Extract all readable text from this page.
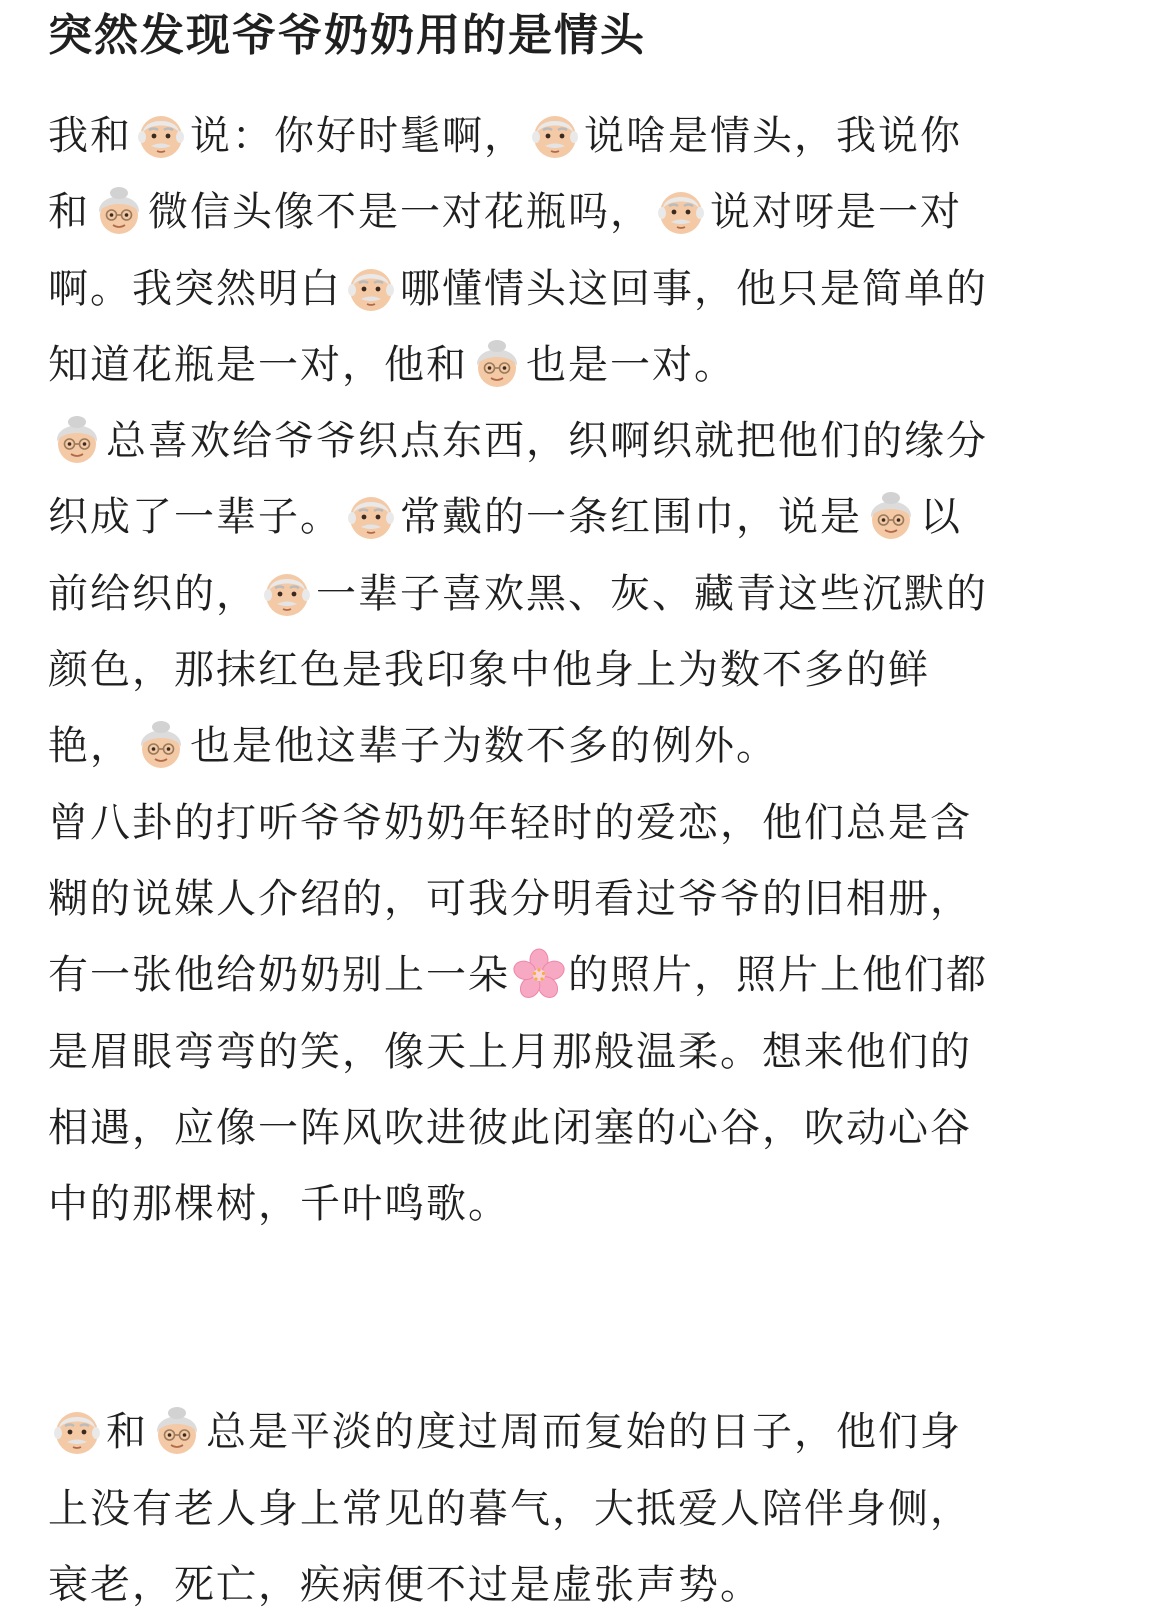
突然发现爷爷奶奶用的是情头
我和 说：你好时髦啊， 说啥是情头，我说你
和 微信头像不是一对花瓶吗， 说对呀是一对
啊。我突然明白 哪懂情头这回事，他只是简单的
知道花瓶是一对，他和 也是一对。
总喜欢给爷爷织点东西，织啊织就把他们的缘分
织成了一辈子。 常戴的一条红围巾，说是 以
前给织的， 一辈子喜欢黑、灰、藏青这些沉默的
颜色，那抹红色是我印象中他身上为数不多的鲜
艳， 也是他这辈子为数不多的例外。
曾八卦的打听爷爷奶奶年轻时的爱恋，他们总是含
糊的说媒人介绍的，可我分明看过爷爷的旧相册，
有一张他给奶奶别上一朵 的照片，照片上他们都
是眉眼弯弯的笑，像天上月那般温柔。想来他们的
相遇，应像一阵风吹进彼此闭塞的心谷，吹动心谷
中的那棵树，千叶鸣歌。
和 总是平淡的度过周而复始的日子，他们身
上没有老人身上常见的暮气，大抵爱人陪伴身侧，
衰老，死亡，疾病便不过是虚张声势。
